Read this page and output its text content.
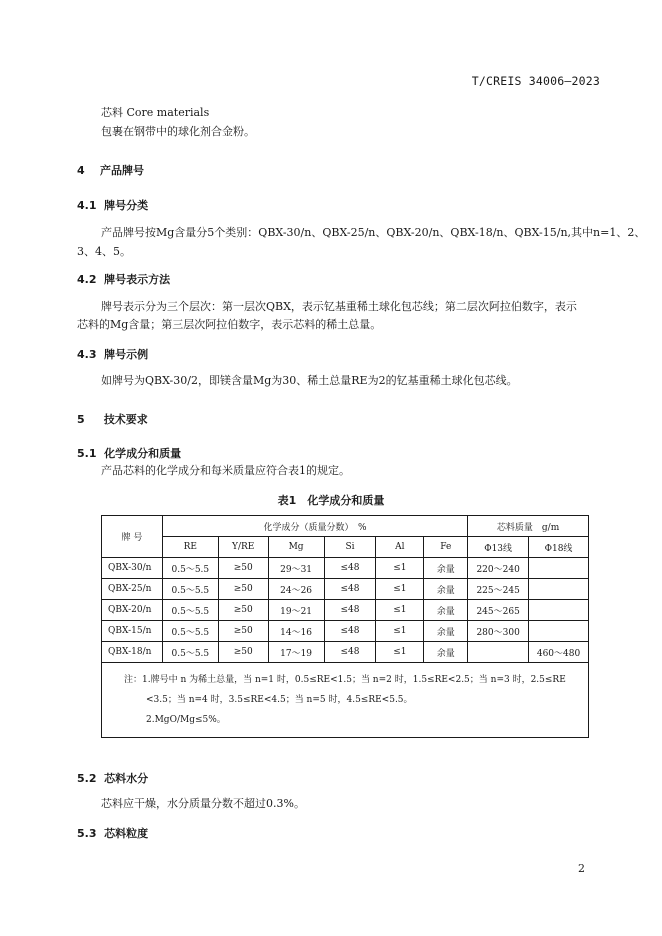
T/CREIS 34006—2023
芯料 Core materials
包裹在钢带中的球化剂合金粉。
4 产品牌号
4.1 牌号分类
产品牌号按Mg含量分5个类别：QBX-30/n、QBX-25/n、QBX-20/n、QBX-18/n、QBX-15/n,其中n=1、2、
3、4、5。
4.2 牌号表示方法
牌号表示分为三个层次：第一层次QBX，表示钇基重稀土球化包芯线；第二层次阿拉伯数字，表示
芯料的Mg含量；第三层次阿拉伯数字，表示芯料的稀土总量。
4.3 牌号示例
如牌号为QBX-30/2，即镁含量Mg为30、稀土总量RE为2的钇基重稀土球化包芯线。
5 技术要求
5.1 化学成分和质量
产品芯料的化学成分和每米质量应符合表1的规定。
表1　化学成分和质量
牌 号	化学成分（质量分数）　%						芯料质量　g/m	
	RE	Y/RE	Mg	Si	Al	Fe	Φ13线	Φ18线
QBX-30/n	0.5～5.5	≥50	29～31	≤48	≤1	余量	220～240	
QBX-25/n	0.5～5.5	≥50	24～26	≤48	≤1	余量	225～245	
QBX-20/n	0.5～5.5	≥50	19～21	≤48	≤1	余量	245～265	
QBX-15/n	0.5～5.5	≥50	14～16	≤48	≤1	余量	280～300	
QBX-18/n	0.5～5.5	≥50	17～19	≤48	≤1	余量		460～480

注：1.牌号中 n 为稀土总量，当 n=1 时，0.5≤RE<1.5；当 n=2 时，1.5≤RE<2.5；当 n=3 时，2.5≤RE
<3.5；当 n=4 时，3.5≤RE<4.5；当 n=5 时，4.5≤RE<5.5。
2.MgO/Mg≤5%。								
5.2 芯料水分
芯料应干燥，水分质量分数不超过0.3%。
5.3 芯料粒度
2
